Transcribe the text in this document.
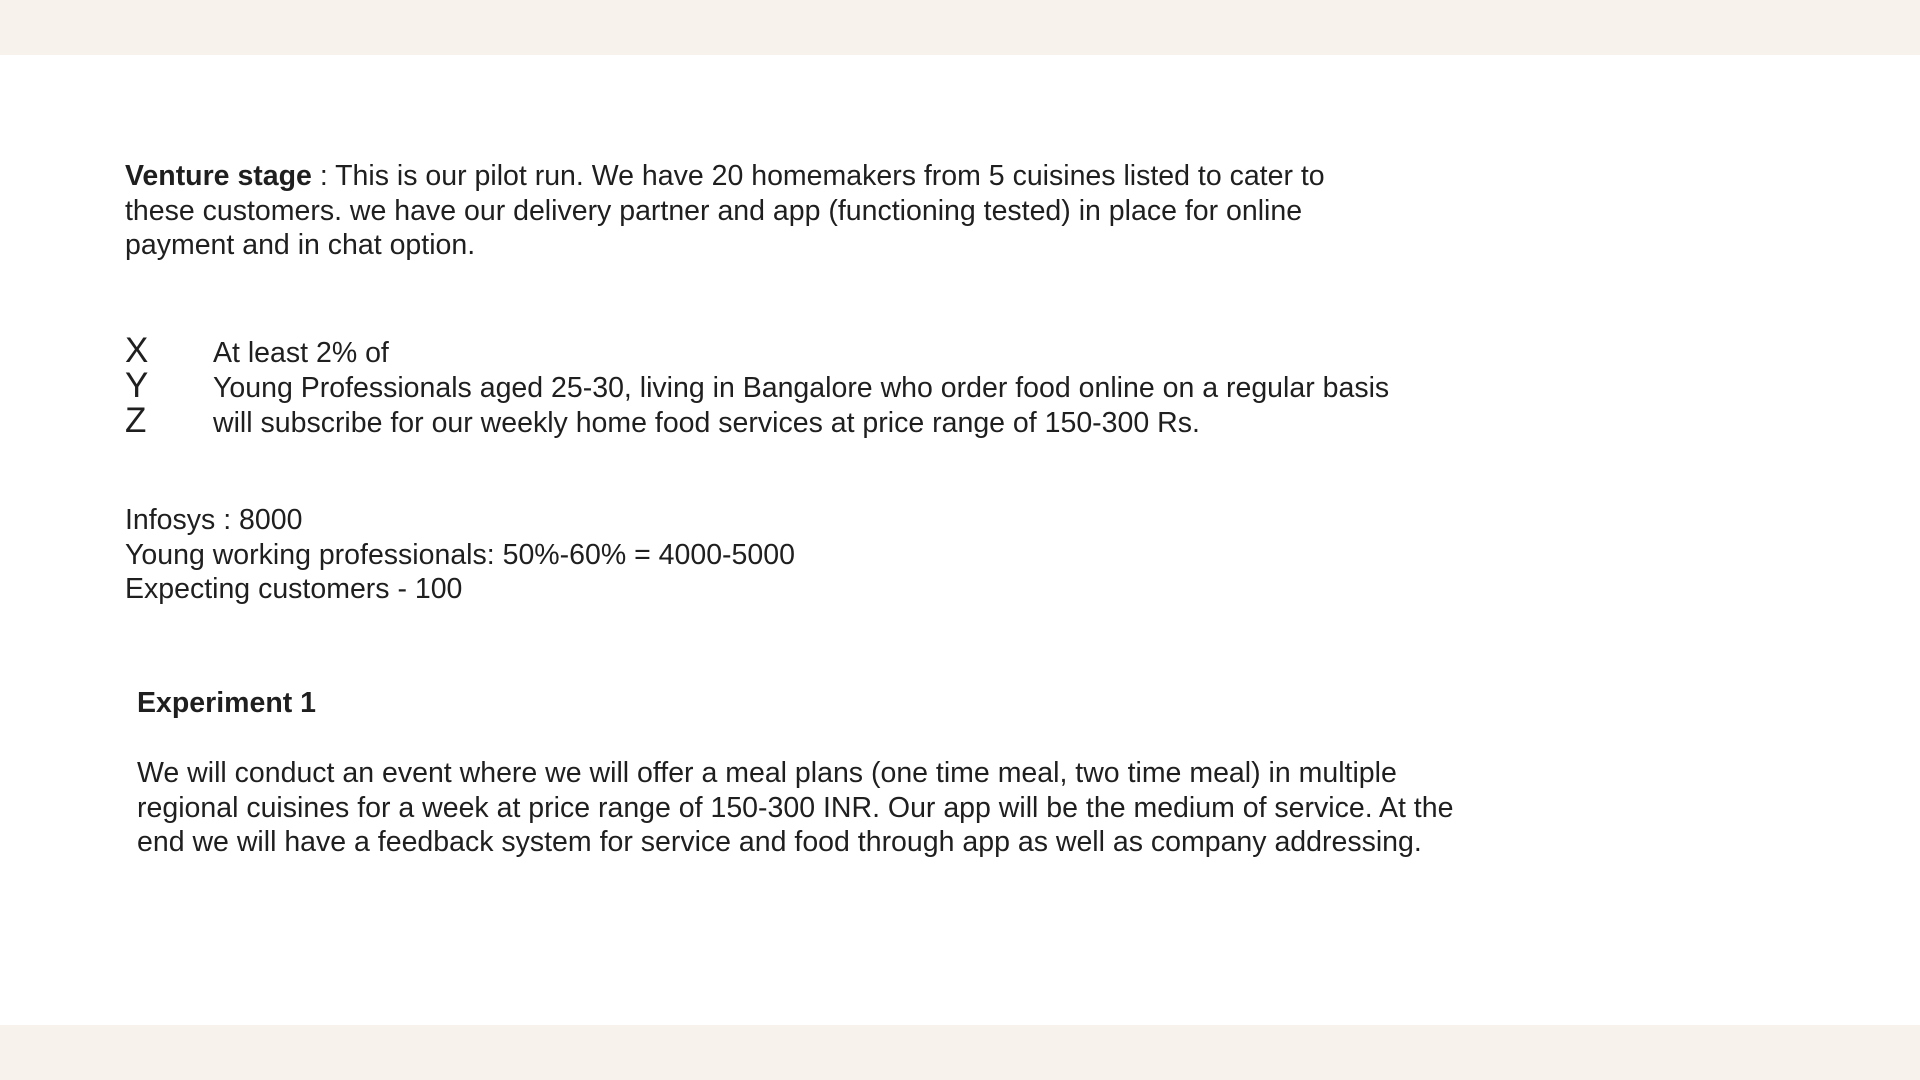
Venture stage : This is our pilot run. We have 20 homemakers from 5 cuisines listed to cater to
these customers. we have our delivery partner and app (functioning tested) in place for online
payment and in chat option.
X	At least 2% of
Y	Young Professionals aged 25-30, living in Bangalore who order food online on a regular basis
Z	will subscribe for our weekly home food services at price range of 150-300 Rs.
Infosys : 8000
Young working professionals: 50%-60% = 4000-5000
Expecting customers - 100
Experiment 1
We will conduct an event where we will offer a meal plans (one time meal, two time meal) in multiple
regional cuisines for a week at price range of 150-300 INR. Our app will be the medium of service. At the
end we will have a feedback system for service and food through app as well as company addressing.
